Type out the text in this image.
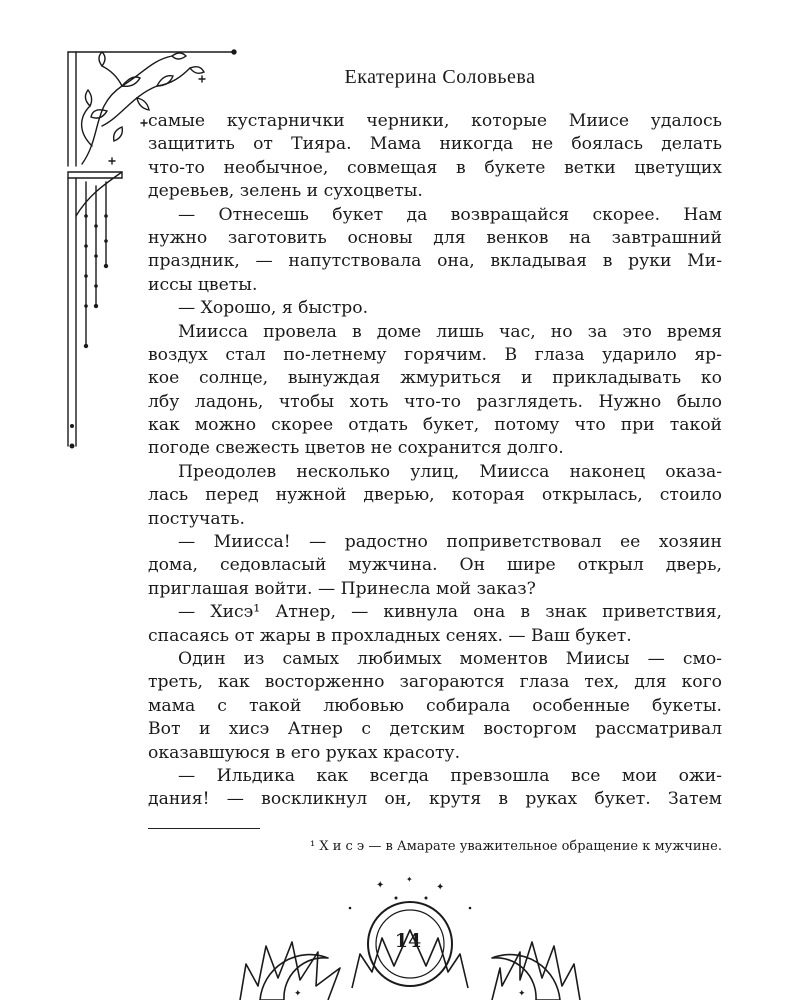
Екатерина Соловьева
самые кустарнички черники, которые Миисе удалось
защитить от Тияра. Мама никогда не боялась делать
что-то необычное, совмещая в букете ветки цветущих
деревьев, зелень и сухоцветы.
— Отнесешь букет да возвращайся скорее. Нам
нужно заготовить основы для венков на завтрашний
праздник, — напутствовала она, вкладывая в руки Ми-
иссы цветы.
— Хорошо, я быстро.
Миисса провела в доме лишь час, но за это время
воздух стал по-летнему горячим. В глаза ударило яр-
кое солнце, вынуждая жмуриться и прикладывать ко
лбу ладонь, чтобы хоть что-то разглядеть. Нужно было
как можно скорее отдать букет, потому что при такой
погоде свежесть цветов не сохранится долго.
Преодолев несколько улиц, Миисса наконец оказа-
лась перед нужной дверью, которая открылась, стоило
постучать.
— Миисса! — радостно поприветствовал ее хозяин
дома, седовласый мужчина. Он шире открыл дверь,
приглашая войти. — Принесла мой заказ?
— Хисэ¹ Атнер, — кивнула она в знак приветствия,
спасаясь от жары в прохладных сенях. — Ваш букет.
Один из самых любимых моментов Миисы — смо-
треть, как восторженно загораются глаза тех, для кого
мама с такой любовью собирала особенные букеты.
Вот и хисэ Атнер с детским восторгом рассматривал
оказавшуюся в его руках красоту.
— Ильдика как всегда превзошла все мои ожи-
дания! — воскликнул он, крутя в руках букет. Затем
¹ Х и с э — в Амарате уважительное обращение к мужчине.
✦
✦
✦
✦	✦
14
